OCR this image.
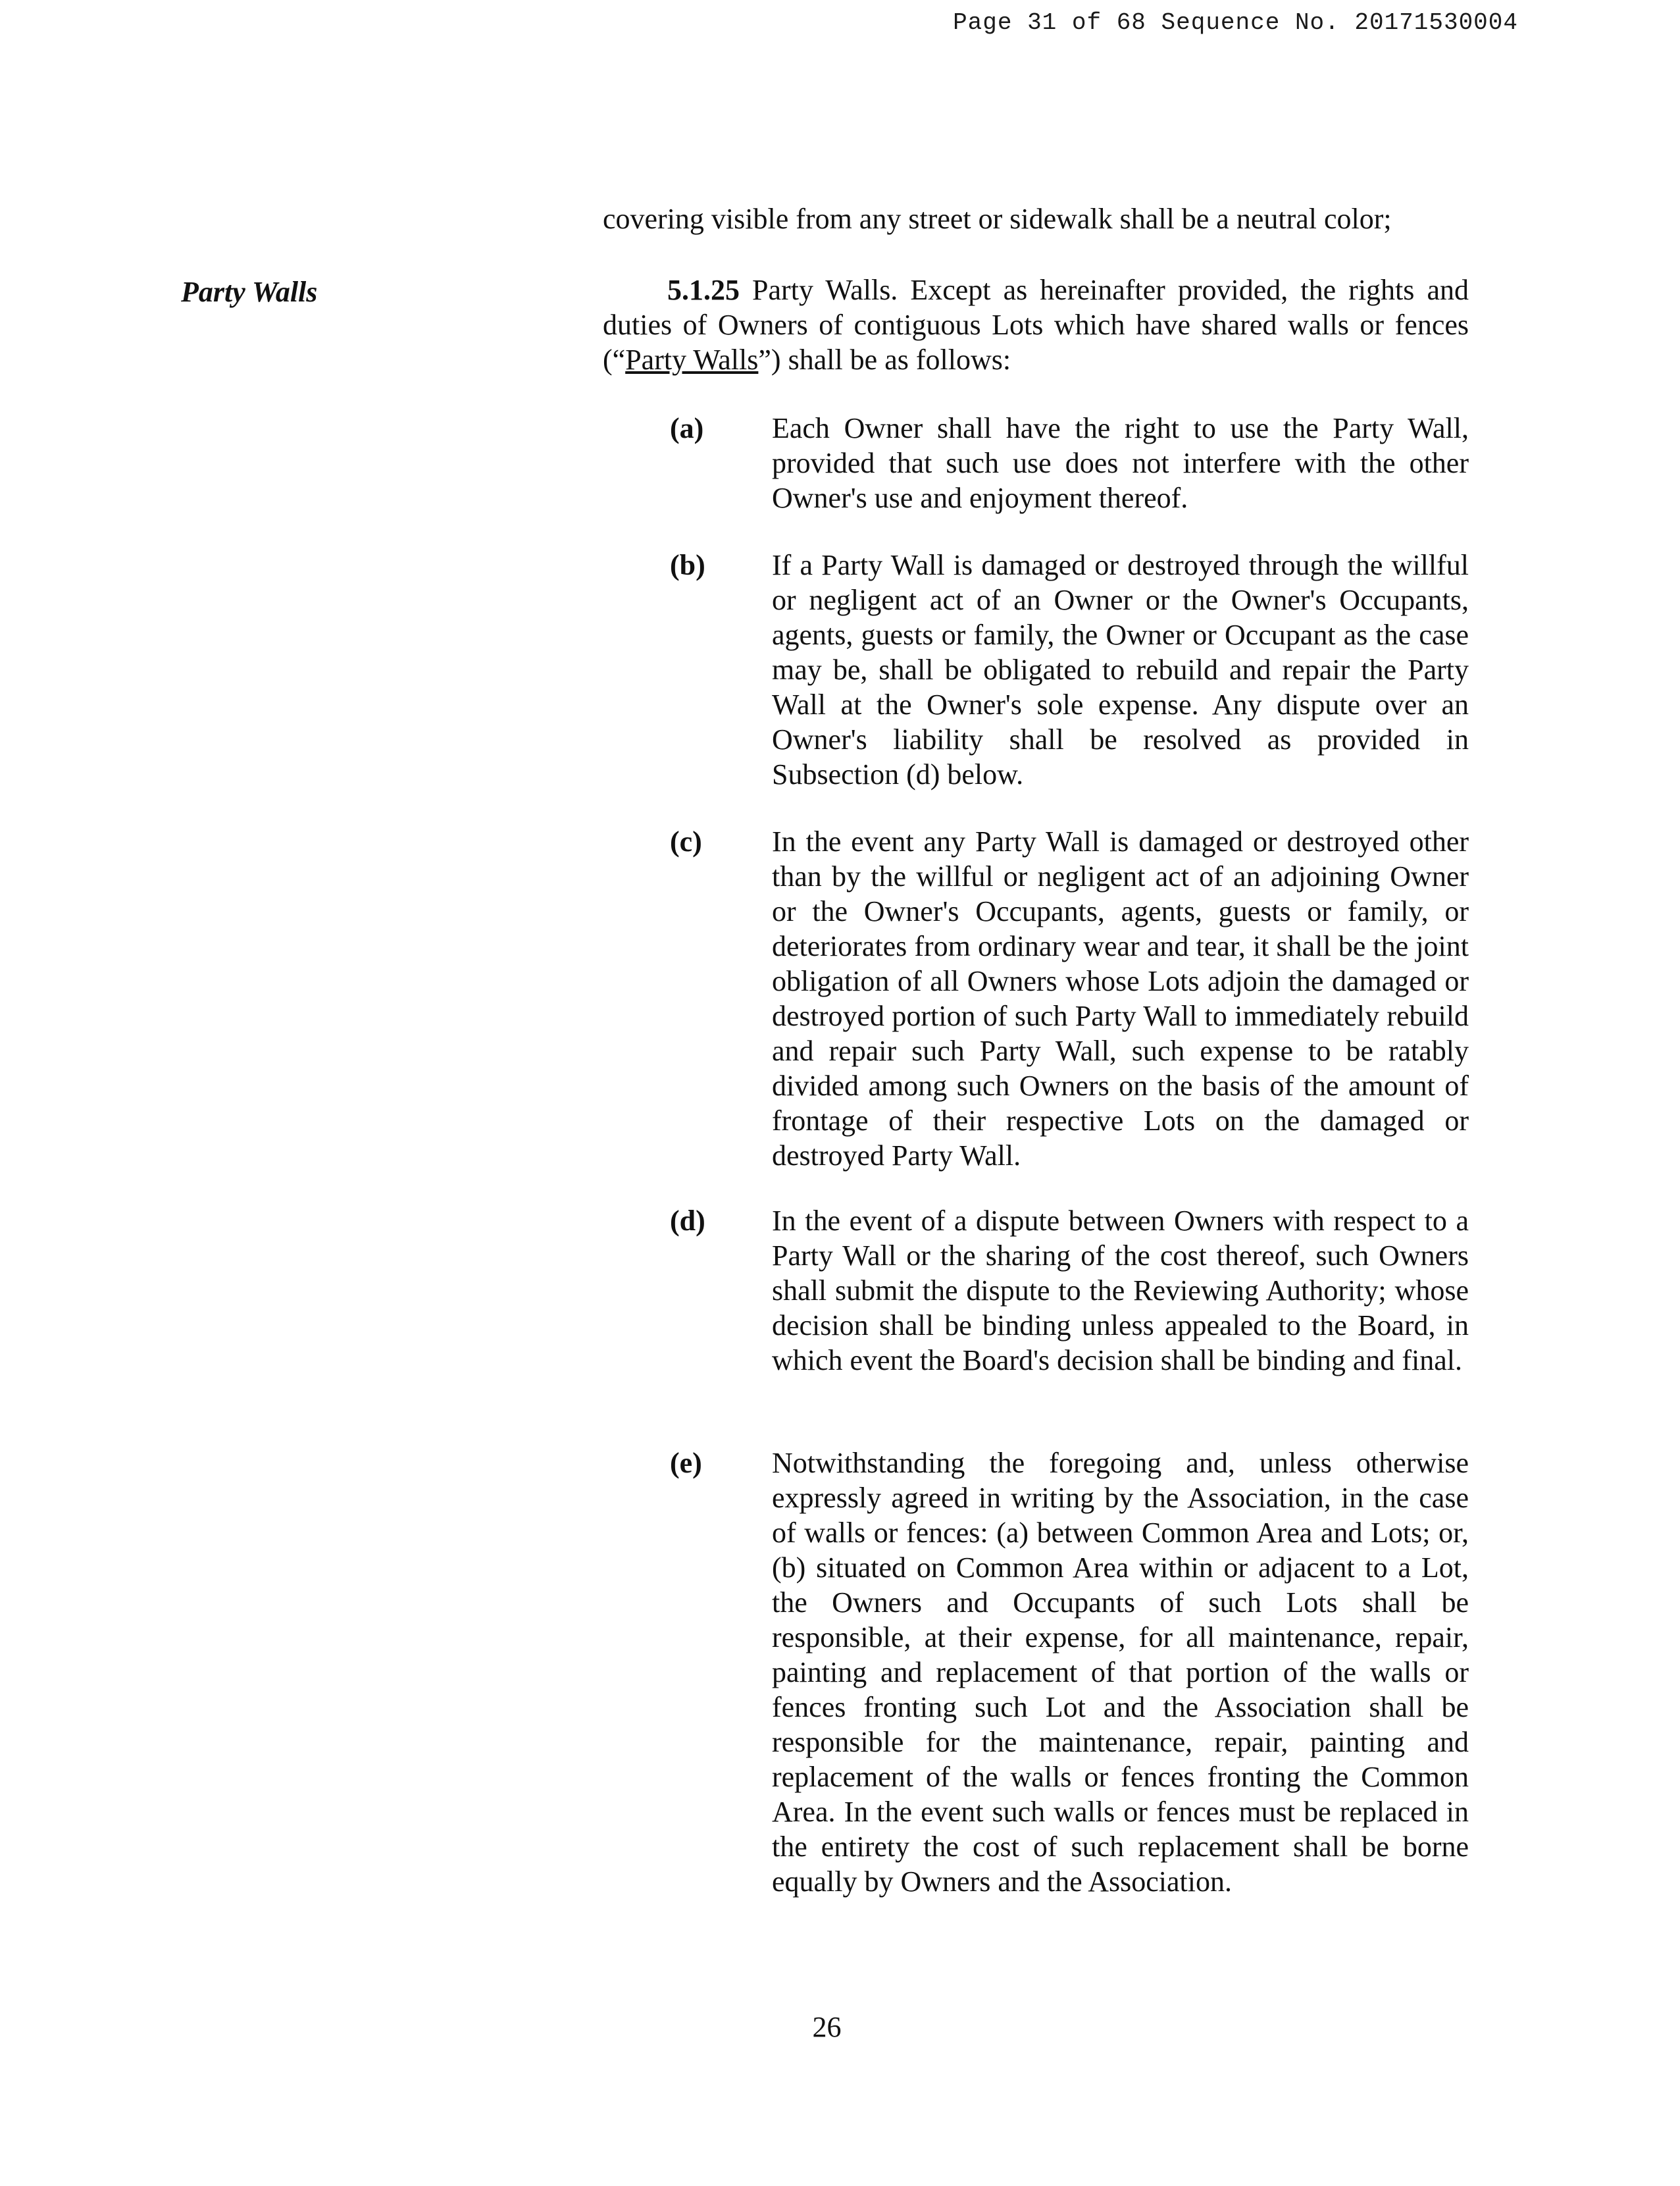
Page 31 of 68 Sequence No. 20171530004
Party Walls
covering visible from any street or sidewalk shall be a neutral color;
5.1.25 Party Walls. Except as hereinafter provided, the rights and duties of Owners of contiguous Lots which have shared walls or fences (“Party Walls”) shall be as follows:
(a)	Each Owner shall have the right to use the Party Wall, provided that such use does not interfere with the other Owner's use and enjoyment thereof.
(b)	If a Party Wall is damaged or destroyed through the willful or negligent act of an Owner or the Owner's Occupants, agents, guests or family, the Owner or Occupant as the case may be, shall be obligated to rebuild and repair the Party Wall at the Owner's sole expense. Any dispute over an Owner's liability shall be resolved as provided in Subsection (d) below.
(c)	In the event any Party Wall is damaged or destroyed other than by the willful or negligent act of an adjoining Owner or the Owner's Occupants, agents, guests or family, or deteriorates from ordinary wear and tear, it shall be the joint obligation of all Owners whose Lots adjoin the damaged or destroyed portion of such Party Wall to immediately rebuild and repair such Party Wall, such expense to be ratably divided among such Owners on the basis of the amount of frontage of their respective Lots on the damaged or destroyed Party Wall.
(d)	In the event of a dispute between Owners with respect to a Party Wall or the sharing of the cost thereof, such Owners shall submit the dispute to the Reviewing Authority; whose decision shall be binding unless appealed to the Board, in which event the Board's decision shall be binding and final.
(e)	Notwithstanding the foregoing and, unless otherwise expressly agreed in writing by the Association, in the case of walls or fences: (a) between Common Area and Lots; or, (b) situated on Common Area within or adjacent to a Lot, the Owners and Occupants of such Lots shall be responsible, at their expense, for all maintenance, repair, painting and replacement of that portion of the walls or fences fronting such Lot and the Association shall be responsible for the maintenance, repair, painting and replacement of the walls or fences fronting the Common Area. In the event such walls or fences must be replaced in the entirety the cost of such replacement shall be borne equally by Owners and the Association.
26
